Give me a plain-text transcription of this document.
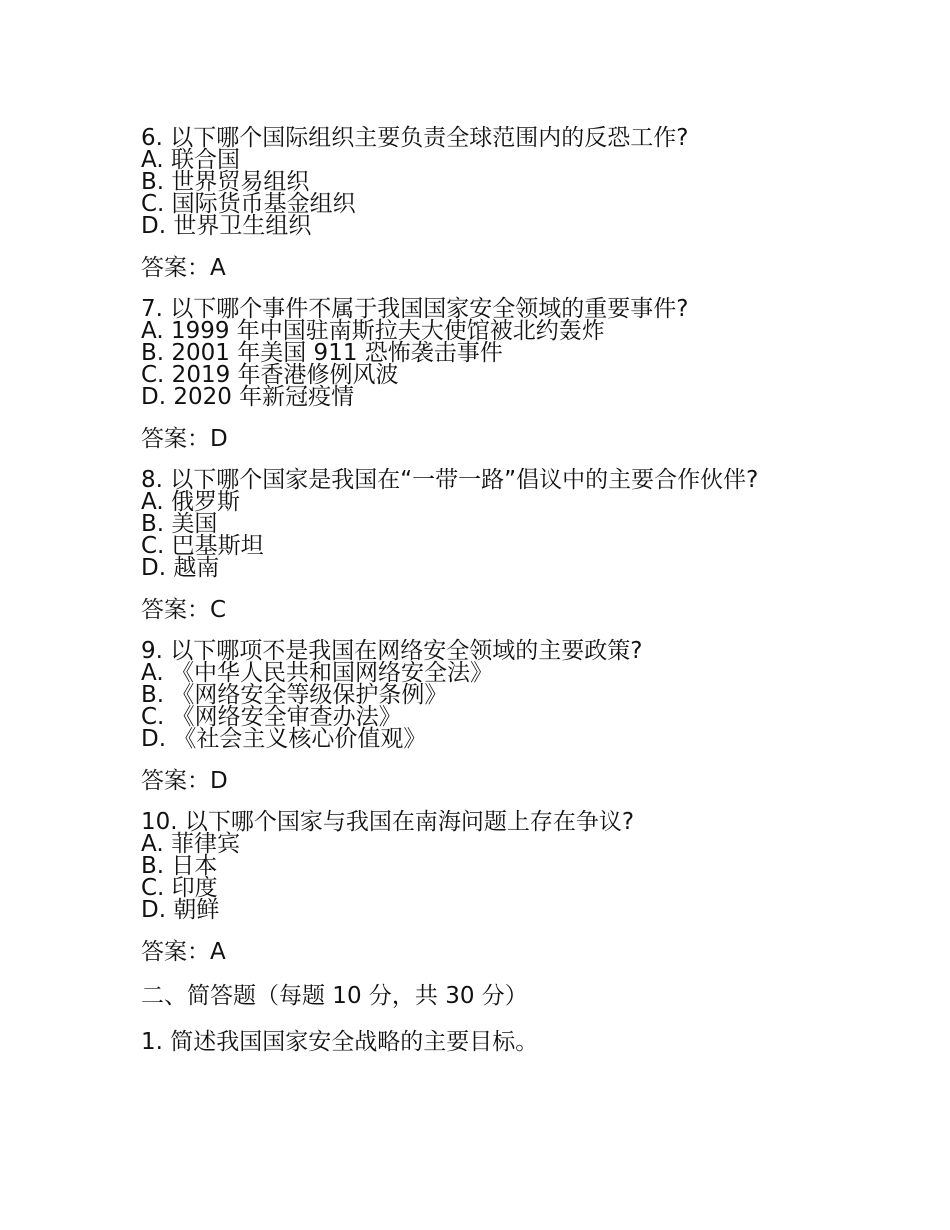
6. 以下哪个国际组织主要负责全球范围内的反恐工作?

A. 联合国

B. 世界贸易组织

C. 国际货币基金组织

D. 世界卫生组织

答案：A

7. 以下哪个事件不属于我国国家安全领域的重要事件?

A. 1999 年中国驻南斯拉夫大使馆被北约轰炸

B. 2001 年美国 911 恐怖袭击事件

C. 2019 年香港修例风波

D. 2020 年新冠疫情

答案：D

8. 以下哪个国家是我国在“一带一路”倡议中的主要合作伙伴?

A. 俄罗斯

B. 美国

C. 巴基斯坦

D. 越南

答案：C

9. 以下哪项不是我国在网络安全领域的主要政策?

A. 《中华人民共和国网络安全法》

B. 《网络安全等级保护条例》

C. 《网络安全审查办法》

D. 《社会主义核心价值观》

答案：D

10. 以下哪个国家与我国在南海问题上存在争议?

A. 菲律宾

B. 日本

C. 印度

D. 朝鲜

答案：A

二、简答题（每题 10 分，共 30 分）

1. 简述我国国家安全战略的主要目标。
